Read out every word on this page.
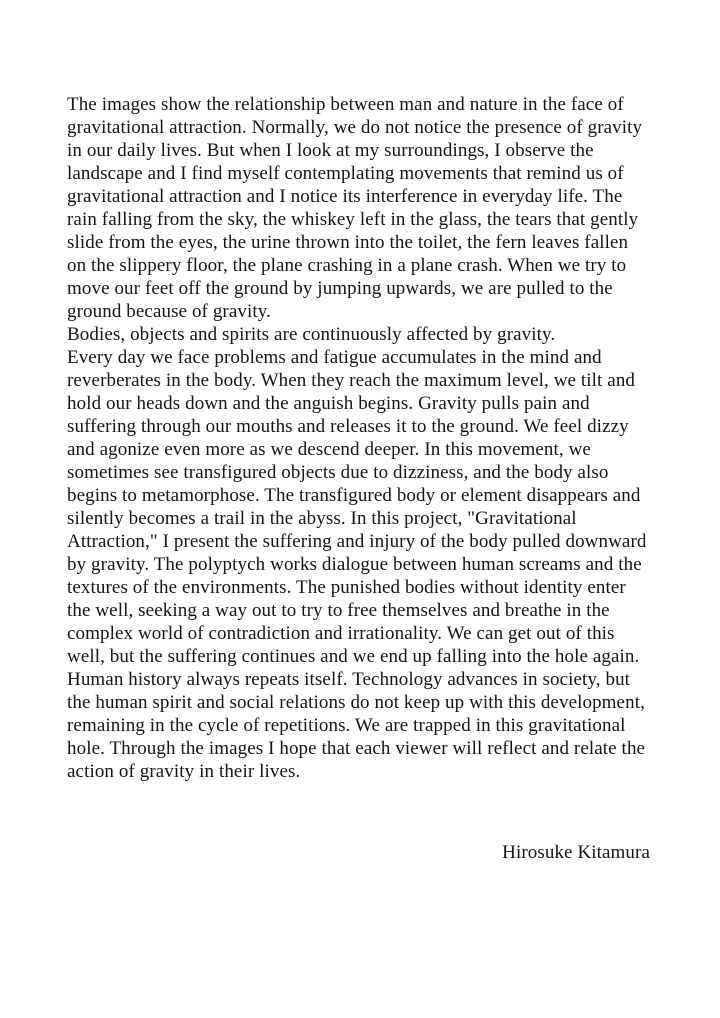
The images show the relationship between man and nature in the face of
gravitational attraction. Normally, we do not notice the presence of gravity
in our daily lives. But when I look at my surroundings, I observe the
landscape and I find myself contemplating movements that remind us of
gravitational attraction and I notice its interference in everyday life. The
rain falling from the sky, the whiskey left in the glass, the tears that gently
slide from the eyes, the urine thrown into the toilet, the fern leaves fallen
on the slippery floor, the plane crashing in a plane crash. When we try to
move our feet off the ground by jumping upwards, we are pulled to the
ground because of gravity.

Bodies, objects and spirits are continuously affected by gravity.

Every day we face problems and fatigue accumulates in the mind and
reverberates in the body. When they reach the maximum level, we tilt and
hold our heads down and the anguish begins. Gravity pulls pain and
suffering through our mouths and releases it to the ground. We feel dizzy
and agonize even more as we descend deeper. In this movement, we
sometimes see transfigured objects due to dizziness, and the body also
begins to metamorphose. The transfigured body or element disappears and
silently becomes a trail in the abyss. In this project, "Gravitational
Attraction," I present the suffering and injury of the body pulled downward
by gravity. The polyptych works dialogue between human screams and the
textures of the environments. The punished bodies without identity enter
the well, seeking a way out to try to free themselves and breathe in the
complex world of contradiction and irrationality. We can get out of this
well, but the suffering continues and we end up falling into the hole again.
Human history always repeats itself. Technology advances in society, but
the human spirit and social relations do not keep up with this development,
remaining in the cycle of repetitions. We are trapped in this gravitational
hole. Through the images I hope that each viewer will reflect and relate the
action of gravity in their lives.

Hirosuke Kitamura
